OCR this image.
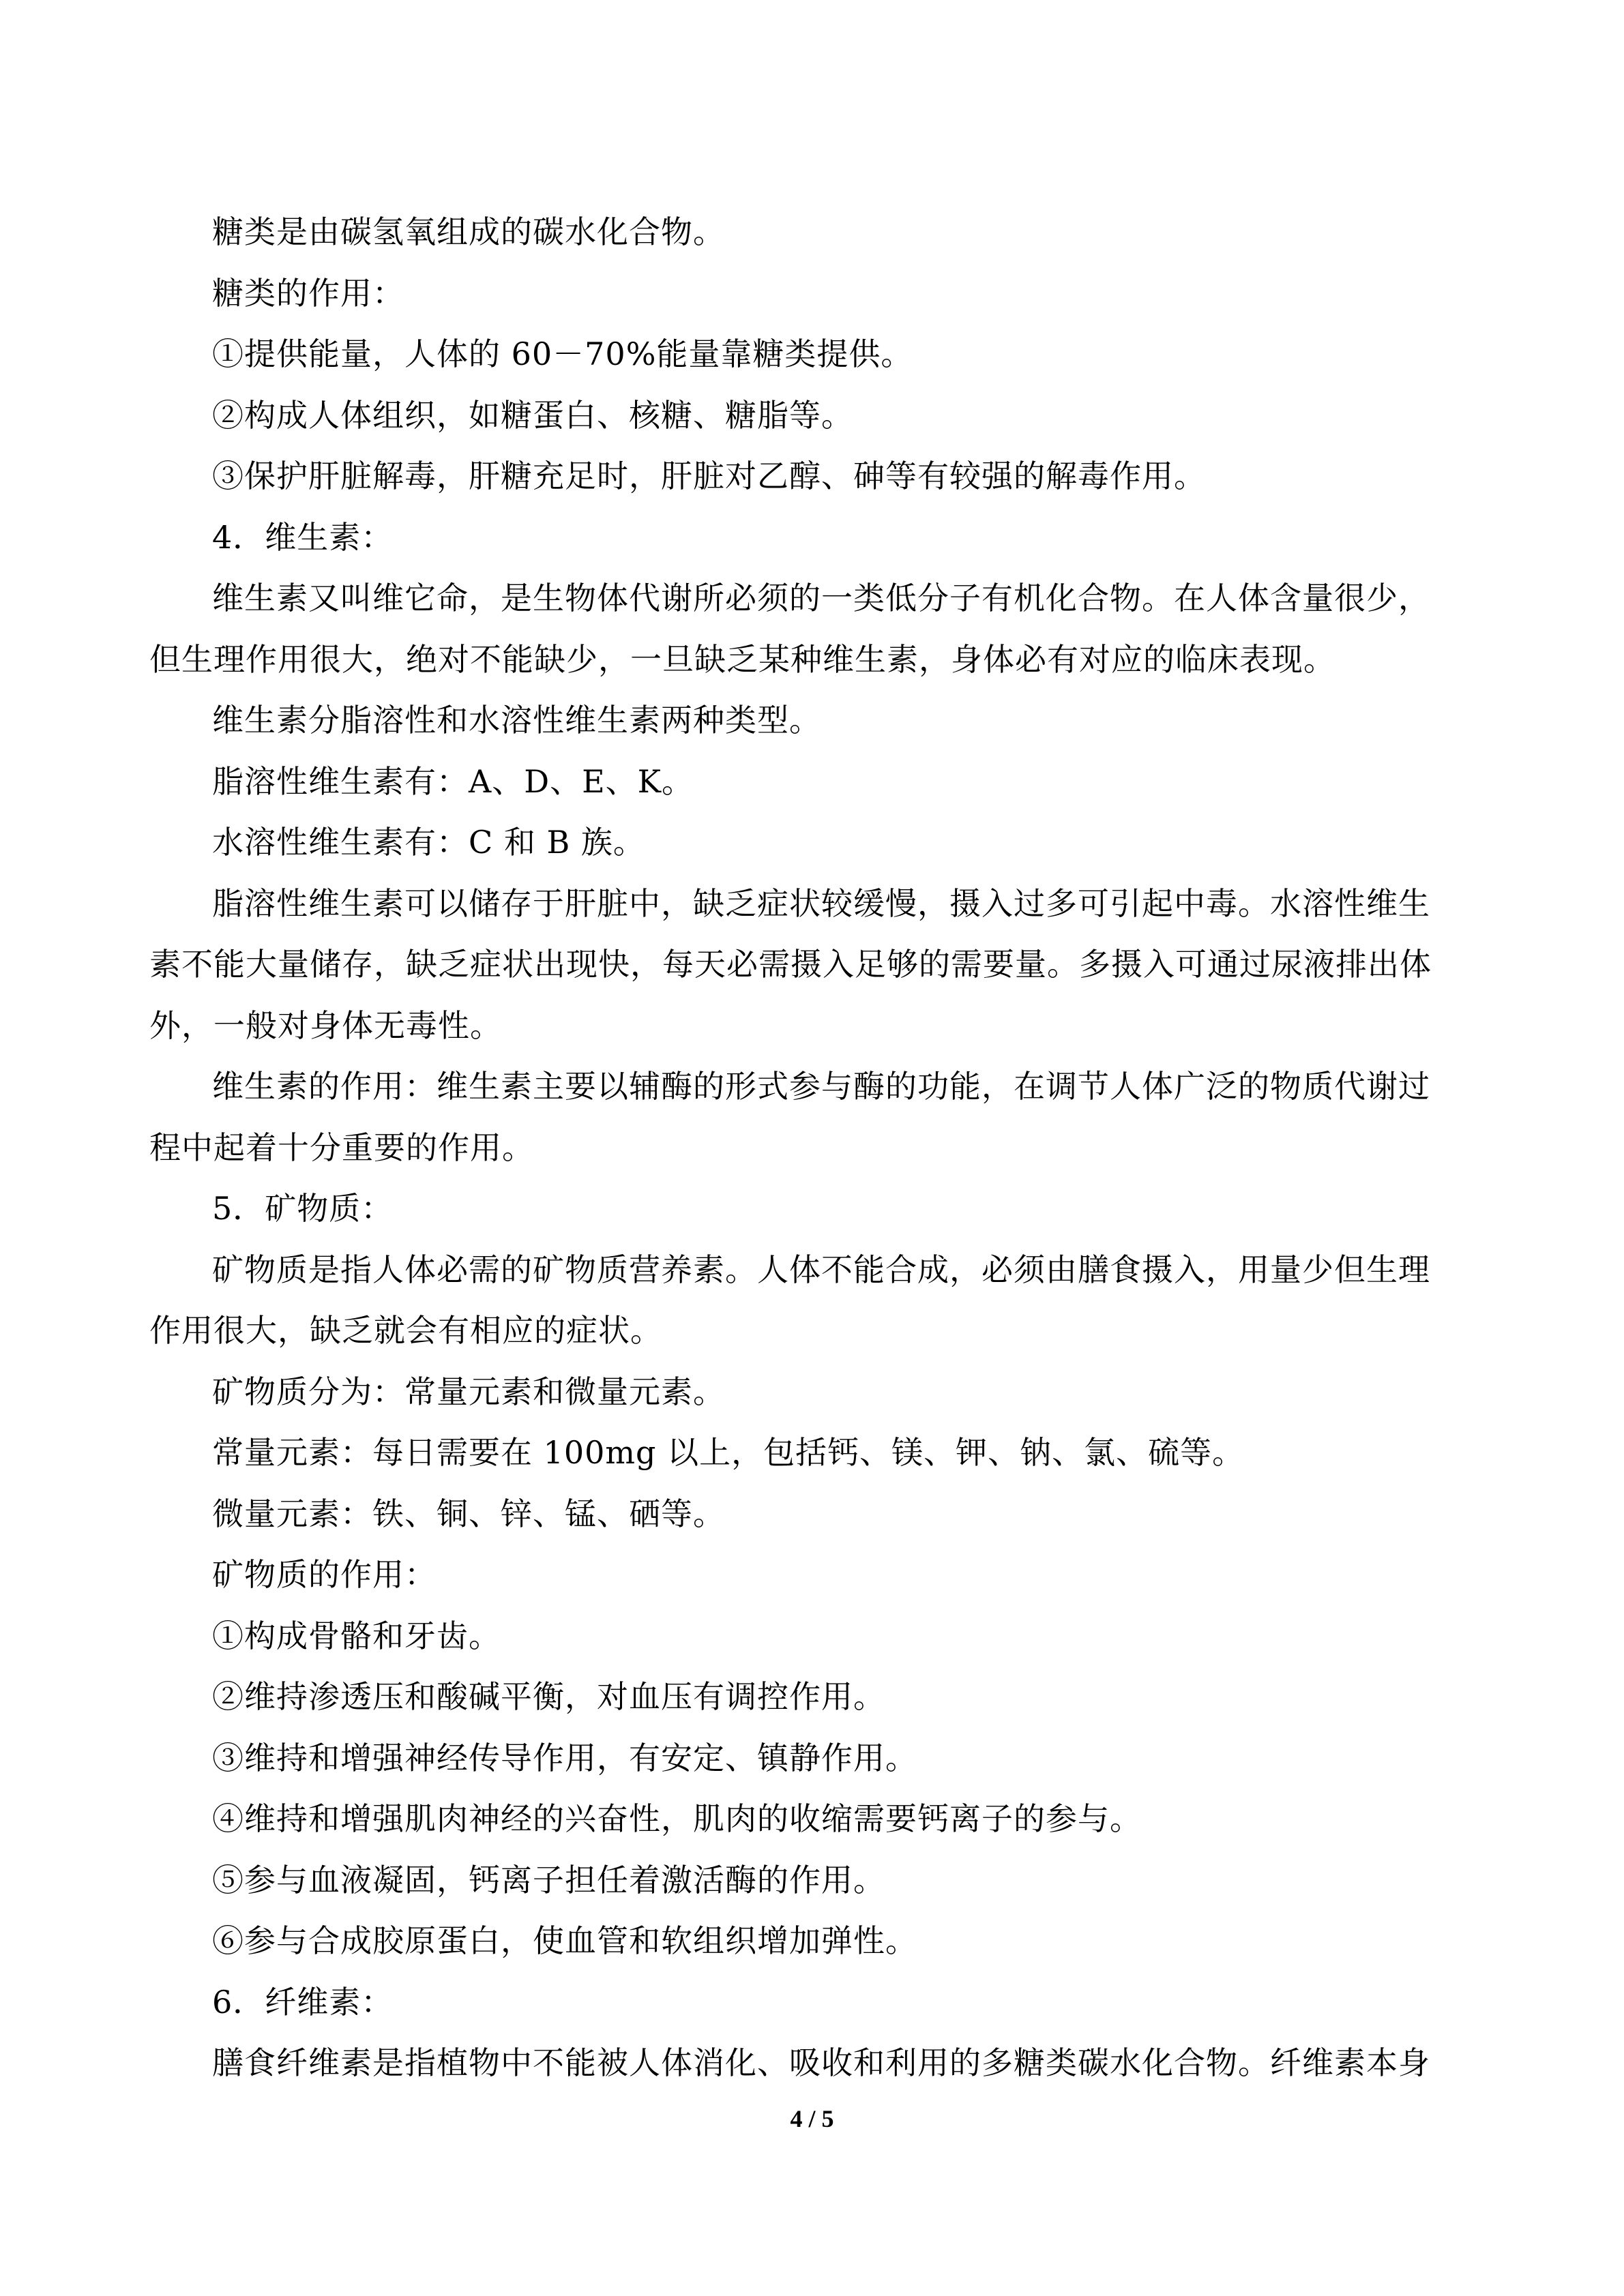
糖类是由碳氢氧组成的碳水化合物。

糖类的作用：

①提供能量，人体的 60－70%能量靠糖类提供。

②构成人体组织，如糖蛋白、核糖、糖脂等。

③保护肝脏解毒，肝糖充足时，肝脏对乙醇、砷等有较强的解毒作用。

4．维生素：

维生素又叫维它命，是生物体代谢所必须的一类低分子有机化合物。在人体含量很少，

但生理作用很大，绝对不能缺少，一旦缺乏某种维生素，身体必有对应的临床表现。

维生素分脂溶性和水溶性维生素两种类型。

脂溶性维生素有：A、D、E、K。

水溶性维生素有：C 和 B 族。

脂溶性维生素可以储存于肝脏中，缺乏症状较缓慢，摄入过多可引起中毒。水溶性维生

素不能大量储存，缺乏症状出现快，每天必需摄入足够的需要量。多摄入可通过尿液排出体

外，一般对身体无毒性。

维生素的作用：维生素主要以辅酶的形式参与酶的功能，在调节人体广泛的物质代谢过

程中起着十分重要的作用。

5．矿物质：

矿物质是指人体必需的矿物质营养素。人体不能合成，必须由膳食摄入，用量少但生理

作用很大，缺乏就会有相应的症状。

矿物质分为：常量元素和微量元素。

常量元素：每日需要在 100mg 以上，包括钙、镁、钾、钠、氯、硫等。

微量元素：铁、铜、锌、锰、硒等。

矿物质的作用：

①构成骨骼和牙齿。

②维持渗透压和酸碱平衡，对血压有调控作用。

③维持和增强神经传导作用，有安定、镇静作用。

④维持和增强肌肉神经的兴奋性，肌肉的收缩需要钙离子的参与。

⑤参与血液凝固，钙离子担任着激活酶的作用。

⑥参与合成胶原蛋白，使血管和软组织增加弹性。

6．纤维素：

膳食纤维素是指植物中不能被人体消化、吸收和利用的多糖类碳水化合物。纤维素本身

4 / 5
